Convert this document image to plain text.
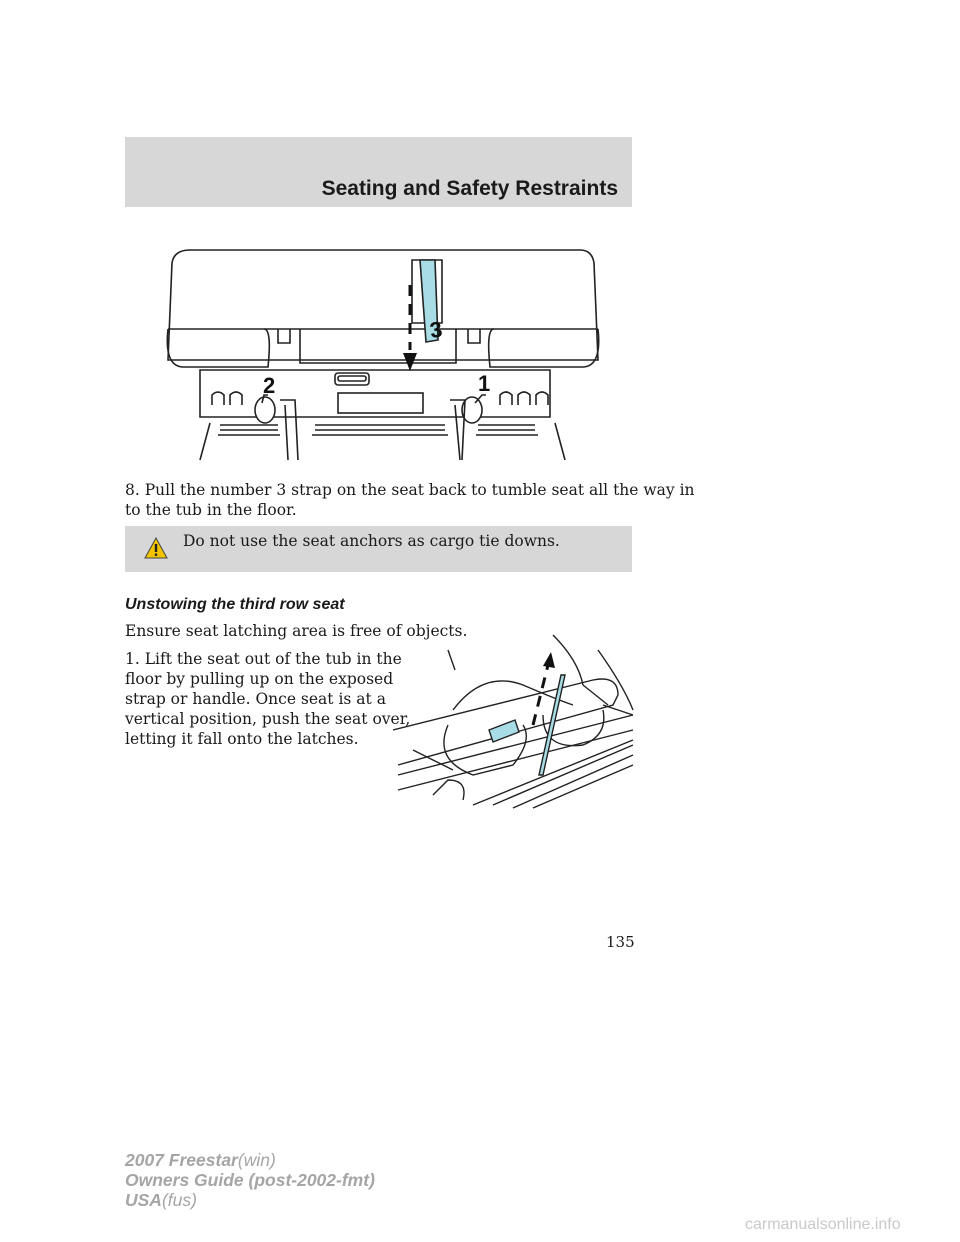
Seating and Safety Restraints
3
2	1

8. Pull the number 3 strap on the seat back to tumble seat all the way in

to the tub in the floor.

Do not use the seat anchors as cargo tie downs.
Unstowing the third row seat

Ensure seat latching area is free of objects.

1. Lift the seat out of the tub in the

floor by pulling up on the exposed

strap or handle. Once seat is at a

vertical position, push the seat over,

letting it fall onto the latches.

135

2007 Freestar(win)
Owners Guide (post-2002-fmt)
USA(fus)

carmanualsonline.info
